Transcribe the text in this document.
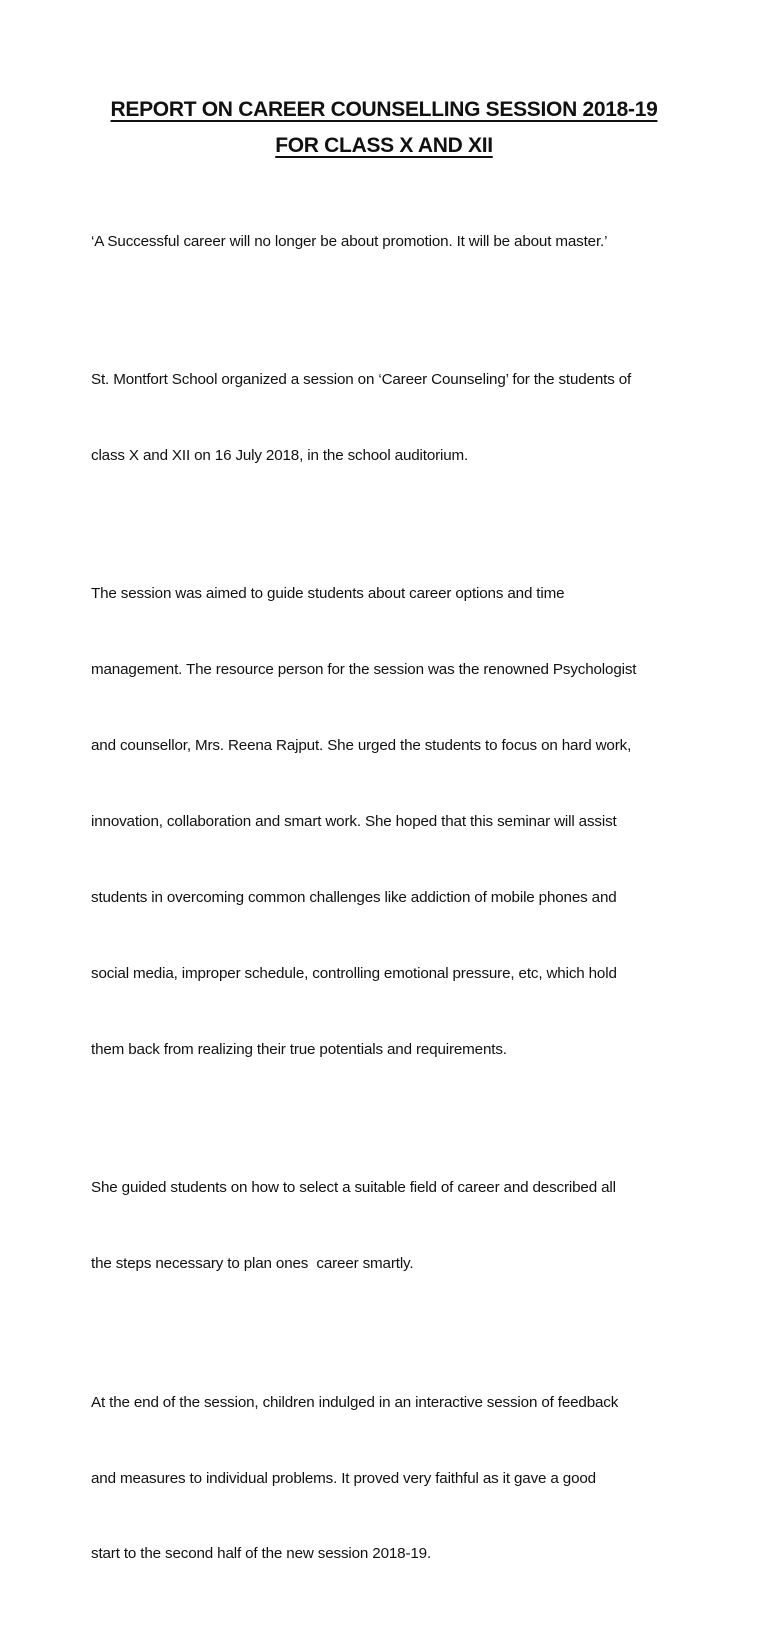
REPORT ON CAREER COUNSELLING SESSION 2018-19
FOR CLASS X AND XII

‘A Successful career will no longer be about promotion. It will be about master.’

St. Montfort School organized a session on ‘Career Counseling’ for the students of

class X and XII on 16 July 2018, in the school auditorium.

The session was aimed to guide students about career options and time

management. The resource person for the session was the renowned Psychologist

and counsellor, Mrs. Reena Rajput. She urged the students to focus on hard work,

innovation, collaboration and smart work. She hoped that this seminar will assist

students in overcoming common challenges like addiction of mobile phones and

social media, improper schedule, controlling emotional pressure, etc, which hold

them back from realizing their true potentials and requirements.

She guided students on how to select a suitable field of career and described all

the steps necessary to plan ones  career smartly.

At the end of the session, children indulged in an interactive session of feedback

and measures to individual problems. It proved very faithful as it gave a good

start to the second half of the new session 2018-19.
